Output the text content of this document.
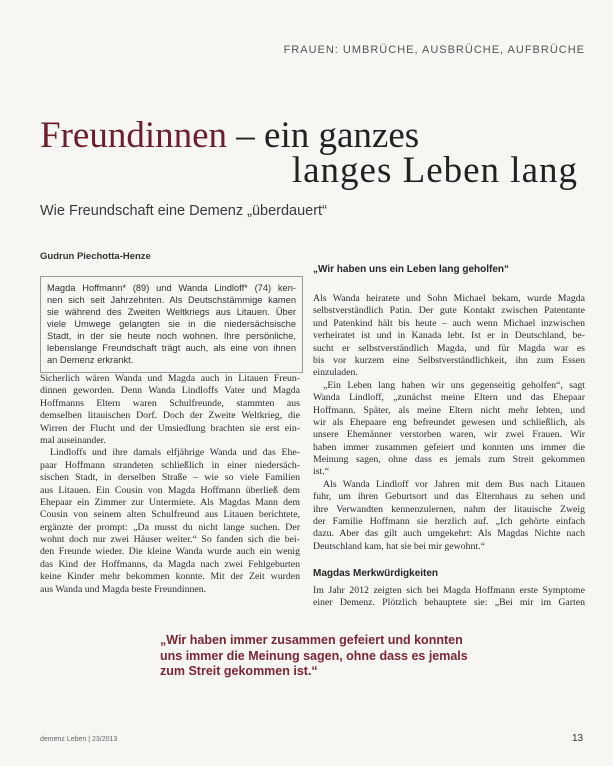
FRAUEN: UMBRÜCHE, AUSBRÜCHE, AUFBRÜCHE
Freundinnen – ein ganzes
langes Leben lang
Wie Freundschaft eine Demenz „überdauert“
Gudrun Piechotta-Henze
Magda Hoffmann* (89) und Wanda Lindloff* (74) ken-
nen sich seit Jahrzehnten. Als Deutschstämmige kamen
sie während des Zweiten Weltkriegs aus Litauen. Über
viele Umwege gelangten sie in die niedersächsische
Stadt, in der sie heute noch wohnen. Ihre persönliche,
lebenslange Freundschaft trägt auch, als eine von ihnen
an Demenz erkrankt.
Sicherlich wären Wanda und Magda auch in Litauen Freun-
dinnen geworden. Denn Wanda Lindloffs Vater und Magda
Hoffmanns Eltern waren Schulfreunde, stammten aus
demselben litauischen Dorf. Doch der Zweite Weltkrieg, die
Wirren der Flucht und der Umsiedlung brachten sie erst ein-
mal auseinander.
Lindloffs und ihre damals elfjährige Wanda und das Ehe-
paar Hoffmann strandeten schließlich in einer niedersäch-
sischen Stadt, in derselben Straße – wie so viele Familien
aus Litauen. Ein Cousin von Magda Hoffmann überließ dem
Ehepaar ein Zimmer zur Untermiete. Als Magdas Mann dem
Cousin von seinem alten Schulfreund aus Litauen berichtete,
ergänzte der prompt: „Da musst du nicht lange suchen. Der
wohnt doch nur zwei Häuser weiter.“ So fanden sich die bei-
den Freunde wieder. Die kleine Wanda wurde auch ein wenig
das Kind der Hoffmanns, da Magda nach zwei Fehlgeburten
keine Kinder mehr bekommen konnte. Mit der Zeit wurden
aus Wanda und Magda beste Freundinnen.
„Wir haben uns ein Leben lang geholfen“
Als Wanda heiratete und Sohn Michael bekam, wurde Magda
selbstverständlich Patin. Der gute Kontakt zwischen Patentante
und Patenkind hält bis heute – auch wenn Michael inzwischen
verheiratet ist und in Kanada lebt. Ist er in Deutschland, be-
sucht er selbstverständlich Magda, und für Magda war es
bis vor kurzem eine Selbstverständlichkeit, ihn zum Essen
einzuladen.
„Ein Leben lang haben wir uns gegenseitig geholfen“, sagt
Wanda Lindloff, „zunächst meine Eltern und das Ehepaar
Hoffmann. Später, als meine Eltern nicht mehr lebten, und
wir als Ehepaare eng befreundet gewesen und schließlich, als
unsere Ehemänner verstorben waren, wir zwei Frauen. Wir
haben immer zusammen gefeiert und konnten uns immer die
Meinung sagen, ohne dass es jemals zum Streit gekommen
ist.“
Als Wanda Lindloff vor Jahren mit dem Bus nach Litauen
fuhr, um ihren Geburtsort und das Elternhaus zu sehen und
ihre Verwandten kennenzulernen, nahm der litauische Zweig
der Familie Hoffmann sie herzlich auf. „Ich gehörte einfach
dazu. Aber das gilt auch umgekehrt: Als Magdas Nichte nach
Deutschland kam, hat sie bei mir gewohnt.“
Magdas Merkwürdigkeiten
Im Jahr 2012 zeigten sich bei Magda Hoffmann erste Symptome
einer Demenz. Plötzlich behauptete sie: „Bei mir im Garten
„Wir haben immer zusammen gefeiert und konnten
uns immer die Meinung sagen, ohne dass es jemals
zum Streit gekommen ist.“
demenz Leben | 23/2013	13
